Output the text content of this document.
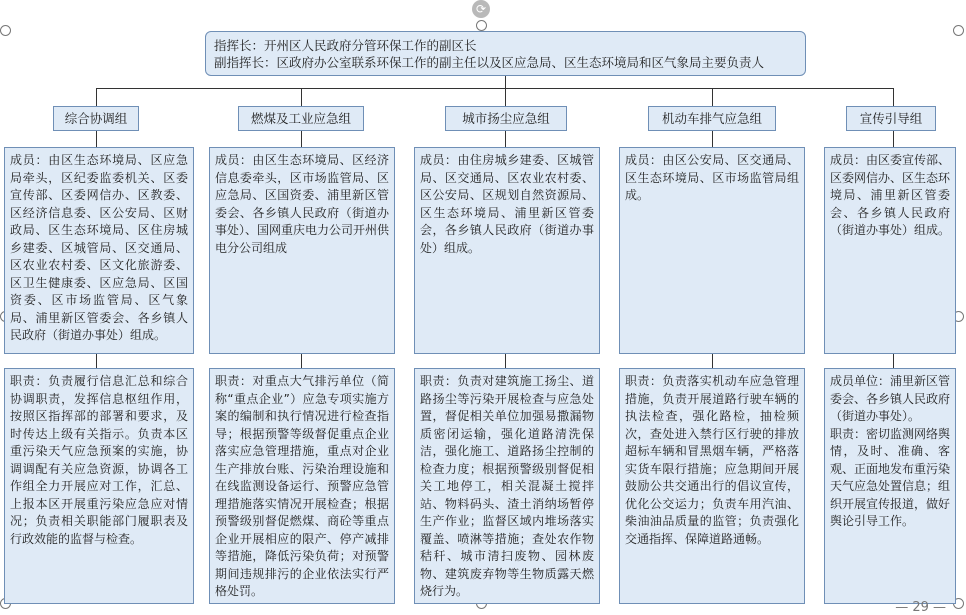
⟳
指挥长：开州区人民政府分管环保工作的副区长
副指挥长：区政府办公室联系环保工作的副主任以及区应急局、区生态环境局和区气象局主要负责人
综合协调组	燃煤及工业应急组	城市扬尘应急组	机动车排气应急组	宣传引导组
成员：由区生态环境局、区应急局牵头，区纪委监委机关、区委宣传部、区委网信办、区教委、区经济信息委、区公安局、区财政局、区生态环境局、区住房城乡建委、区城管局、区交通局、区农业农村委、区文化旅游委、区卫生健康委、区应急局、区国资委、区市场监管局、区气象局、浦里新区管委会、各乡镇人民政府（街道办事处）组成。
成员：由区生态环境局、区经济信息委牵头，区市场监管局、区应急局、区国资委、浦里新区管委会、各乡镇人民政府（街道办事处）、国网重庆电力公司开州供电分公司组成
成员：由住房城乡建委、区城管局、区交通局、区农业农村委、区公安局、区规划自然资源局、区生态环境局、浦里新区管委会，各乡镇人民政府（街道办事处）组成。
成员：由区公安局、区交通局、区生态环境局、区市场监管局组成。
成员：由区委宣传部、区委网信办、区生态环境局、浦里新区管委会、各乡镇人民政府（街道办事处）组成。
职责：负责履行信息汇总和综合协调职责，发挥信息枢纽作用，按照区指挥部的部署和要求，及时传达上级有关指示。负责本区重污染天气应急预案的实施，协调调配有关应急资源，协调各工作组全力开展应对工作，汇总、上报本区开展重污染应急应对情况；负责相关职能部门履职表及行政效能的监督与检查。
职责：对重点大气排污单位（简称“重点企业”）应急专项实施方案的编制和执行情况进行检查指导；根据预警等级督促重点企业落实应急管理措施，重点对企业生产排放台账、污染治理设施和在线监测设备运行、预警应急管理措施落实情况开展检查；根据预警级别督促燃煤、商砼等重点企业开展相应的限产、停产减排等措施，降低污染负荷；对预警期间违规排污的企业依法实行严格处罚。
职责：负责对建筑施工扬尘、道路扬尘等污染开展检查与应急处置，督促相关单位加强易撒漏物质密闭运输，强化道路清洗保洁，强化施工、道路扬尘控制的检查力度；根据预警级别督促相关工地停工，相关混凝土搅拌站、物料码头、渣土消纳场暂停生产作业；监督区域内堆场落实覆盖、喷淋等措施；查处农作物秸秆、城市清扫废物、园林废物、建筑废弃物等生物质露天燃烧行为。
职责：负责落实机动车应急管理措施，负责开展道路行驶车辆的执法检查，强化路检，抽检频次，查处进入禁行区行驶的排放超标车辆和冒黑烟车辆，严格落实货车限行措施；应急期间开展鼓励公共交通出行的倡议宣传，优化公交运力；负责车用汽油、柴油油品质量的监管；负责强化交通指挥、保障道路通畅。
成员单位：浦里新区管委会、各乡镇人民政府（街道办事处）。
职责：密切监测网络舆情，及时、准确、客观、正面地发布重污染天气应急处置信息；组织开展宣传报道，做好舆论引导工作。
— 29 —
